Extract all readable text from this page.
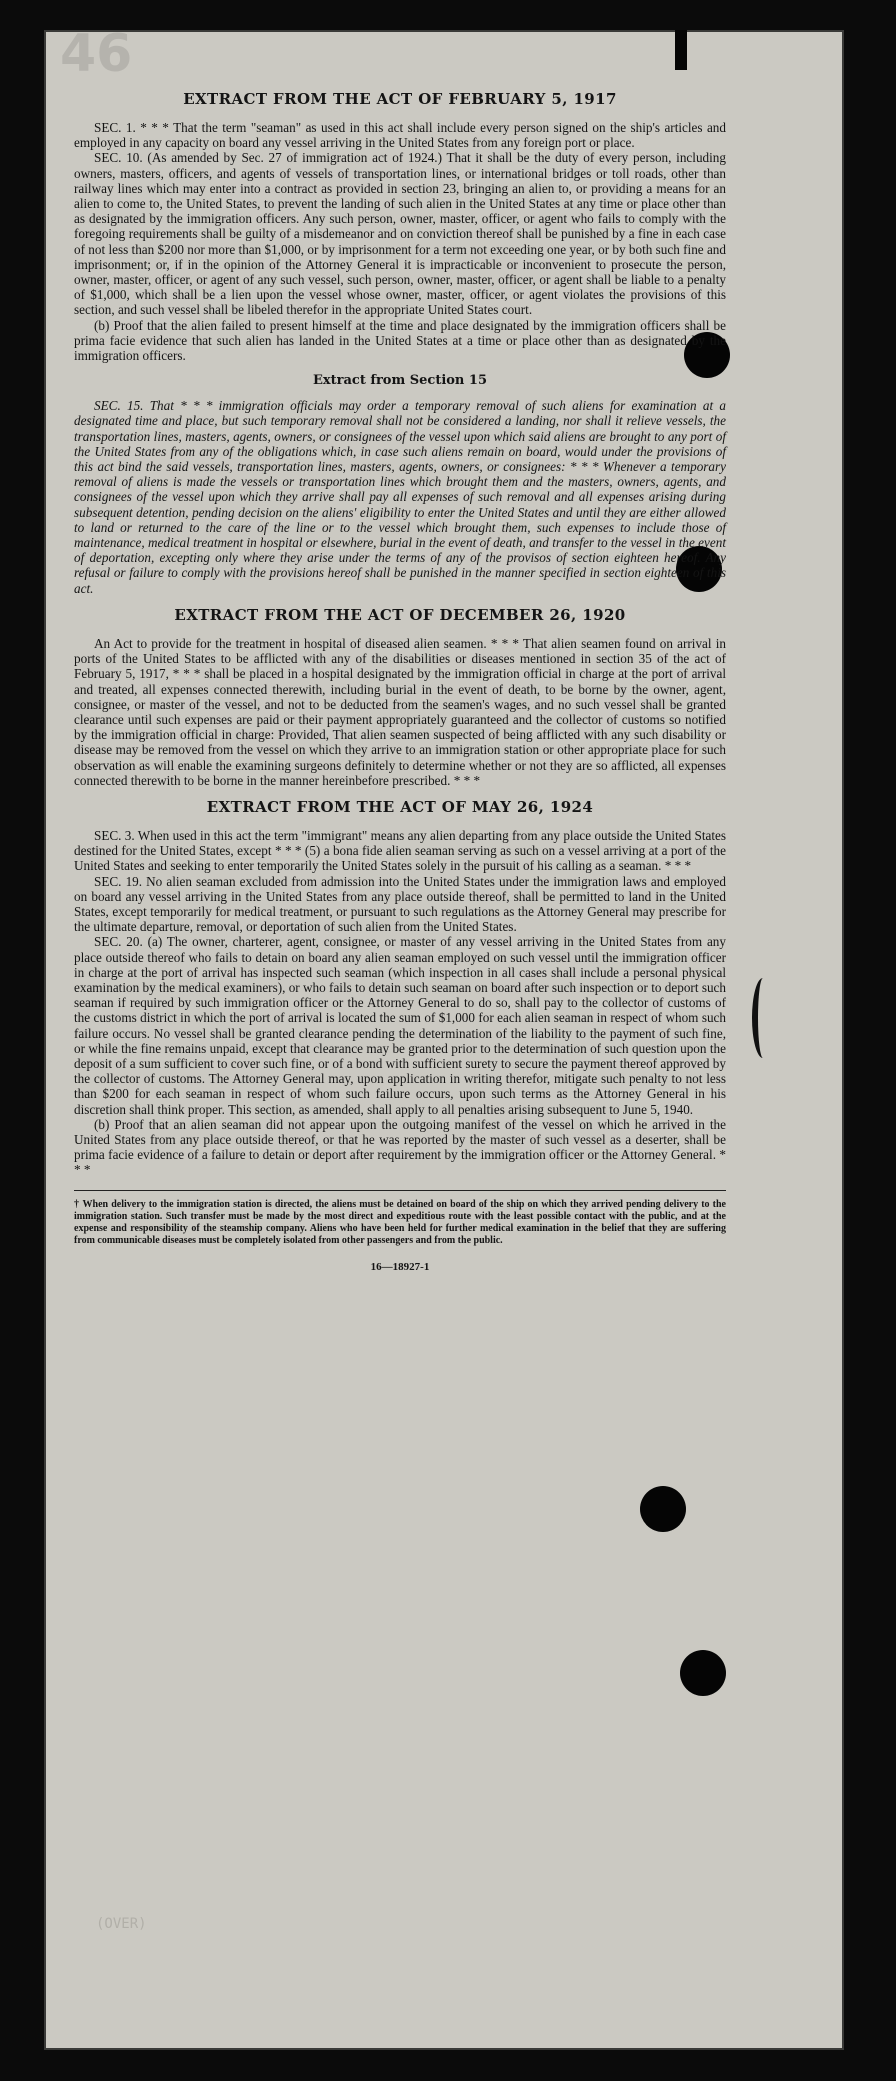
46
(OVER)
EXTRACT FROM THE ACT OF FEBRUARY 5, 1917

SEC. 1. * * * That the term "seaman" as used in this act shall include every person signed on the ship's articles and employed in any capacity on board any vessel arriving in the United States from any foreign port or place.

SEC. 10. (As amended by Sec. 27 of immigration act of 1924.) That it shall be the duty of every person, including owners, masters, officers, and agents of vessels of transportation lines, or international bridges or toll roads, other than railway lines which may enter into a contract as provided in section 23, bringing an alien to, or providing a means for an alien to come to, the United States, to prevent the landing of such alien in the United States at any time or place other than as designated by the immigration officers. Any such person, owner, master, officer, or agent who fails to comply with the foregoing requirements shall be guilty of a misdemeanor and on conviction thereof shall be punished by a fine in each case of not less than $200 nor more than $1,000, or by imprisonment for a term not exceeding one year, or by both such fine and imprisonment; or, if in the opinion of the Attorney General it is impracticable or inconvenient to prosecute the person, owner, master, officer, or agent of any such vessel, such person, owner, master, officer, or agent shall be liable to a penalty of $1,000, which shall be a lien upon the vessel whose owner, master, officer, or agent violates the provisions of this section, and such vessel shall be libeled therefor in the appropriate United States court.

(b) Proof that the alien failed to present himself at the time and place designated by the immigration officers shall be prima facie evidence that such alien has landed in the United States at a time or place other than as designated by the immigration officers.

Extract from Section 15

SEC. 15. That * * * immigration officials may order a temporary removal of such aliens for examination at a designated time and place, but such temporary removal shall not be considered a landing, nor shall it relieve vessels, the transportation lines, masters, agents, owners, or consignees of the vessel upon which said aliens are brought to any port of the United States from any of the obligations which, in case such aliens remain on board, would under the provisions of this act bind the said vessels, transportation lines, masters, agents, owners, or consignees: * * * Whenever a temporary removal of aliens is made the vessels or transportation lines which brought them and the masters, owners, agents, and consignees of the vessel upon which they arrive shall pay all expenses of such removal and all expenses arising during subsequent detention, pending decision on the aliens' eligibility to enter the United States and until they are either allowed to land or returned to the care of the line or to the vessel which brought them, such expenses to include those of maintenance, medical treatment in hospital or elsewhere, burial in the event of death, and transfer to the vessel in the event of deportation, excepting only where they arise under the terms of any of the provisos of section eighteen hereof. Any refusal or failure to comply with the provisions hereof shall be punished in the manner specified in section eighteen of this act.

EXTRACT FROM THE ACT OF DECEMBER 26, 1920

An Act to provide for the treatment in hospital of diseased alien seamen. * * * That alien seamen found on arrival in ports of the United States to be afflicted with any of the disabilities or diseases mentioned in section 35 of the act of February 5, 1917, * * * shall be placed in a hospital designated by the immigration official in charge at the port of arrival and treated, all expenses connected therewith, including burial in the event of death, to be borne by the owner, agent, consignee, or master of the vessel, and not to be deducted from the seamen's wages, and no such vessel shall be granted clearance until such expenses are paid or their payment appropriately guaranteed and the collector of customs so notified by the immigration official in charge: Provided, That alien seamen suspected of being afflicted with any such disability or disease may be removed from the vessel on which they arrive to an immigration station or other appropriate place for such observation as will enable the examining surgeons definitely to determine whether or not they are so afflicted, all expenses connected therewith to be borne in the manner hereinbefore prescribed. * * *

EXTRACT FROM THE ACT OF MAY 26, 1924

SEC. 3. When used in this act the term "immigrant" means any alien departing from any place outside the United States destined for the United States, except * * * (5) a bona fide alien seaman serving as such on a vessel arriving at a port of the United States and seeking to enter temporarily the United States solely in the pursuit of his calling as a seaman. * * *

SEC. 19. No alien seaman excluded from admission into the United States under the immigration laws and employed on board any vessel arriving in the United States from any place outside thereof, shall be permitted to land in the United States, except temporarily for medical treatment, or pursuant to such regulations as the Attorney General may prescribe for the ultimate departure, removal, or deportation of such alien from the United States.

SEC. 20. (a) The owner, charterer, agent, consignee, or master of any vessel arriving in the United States from any place outside thereof who fails to detain on board any alien seaman employed on such vessel until the immigration officer in charge at the port of arrival has inspected such seaman (which inspection in all cases shall include a personal physical examination by the medical examiners), or who fails to detain such seaman on board after such inspection or to deport such seaman if required by such immigration officer or the Attorney General to do so, shall pay to the collector of customs of the customs district in which the port of arrival is located the sum of $1,000 for each alien seaman in respect of whom such failure occurs. No vessel shall be granted clearance pending the determination of the liability to the payment of such fine, or while the fine remains unpaid, except that clearance may be granted prior to the determination of such question upon the deposit of a sum sufficient to cover such fine, or of a bond with sufficient surety to secure the payment thereof approved by the collector of customs. The Attorney General may, upon application in writing therefor, mitigate such penalty to not less than $200 for each seaman in respect of whom such failure occurs, upon such terms as the Attorney General in his discretion shall think proper. This section, as amended, shall apply to all penalties arising subsequent to June 5, 1940.

(b) Proof that an alien seaman did not appear upon the outgoing manifest of the vessel on which he arrived in the United States from any place outside thereof, or that he was reported by the master of such vessel as a deserter, shall be prima facie evidence of a failure to detain or deport after requirement by the immigration officer or the Attorney General. * * *

† When delivery to the immigration station is directed, the aliens must be detained on board of the ship on which they arrived pending delivery to the immigration station. Such transfer must be made by the most direct and expeditious route with the least possible contact with the public, and at the expense and responsibility of the steamship company. Aliens who have been held for further medical examination in the belief that they are suffering from communicable diseases must be completely isolated from other passengers and from the public.
16—18927-1
